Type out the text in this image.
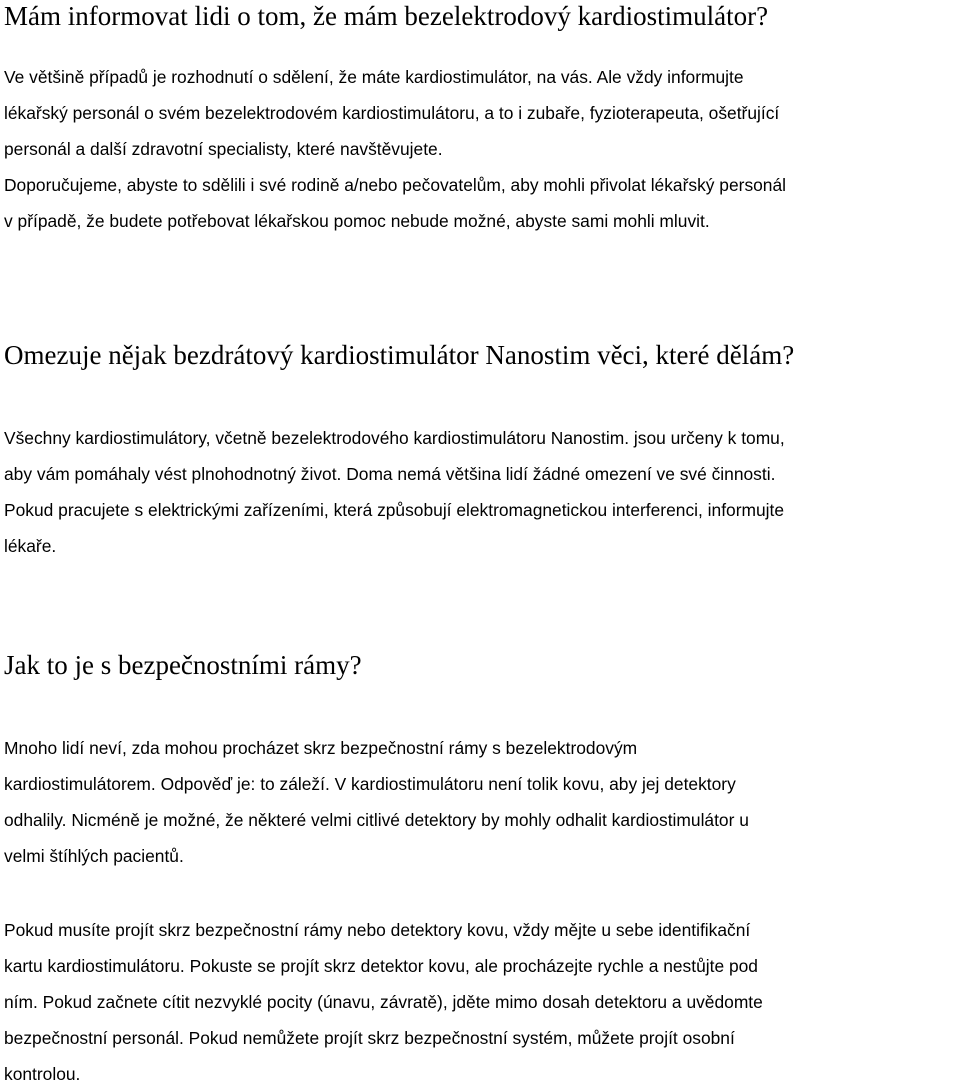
Mám informovat lidi o tom, že mám bezelektrodový kardiostimulátor?

Ve většině případů je rozhodnutí o sdělení, že máte kardiostimulátor, na vás. Ale vždy informujte
lékařský personál o svém bezelektrodovém kardiostimulátoru, a to i zubaře, fyzioterapeuta, ošetřující
personál a další zdravotní specialisty, které navštěvujete.
Doporučujeme, abyste to sdělili i své rodině a/nebo pečovatelům, aby mohli přivolat lékařský personál
v případě, že budete potřebovat lékařskou pomoc nebude možné, abyste sami mohli mluvit.

Omezuje nějak bezdrátový kardiostimulátor Nanostim věci, které dělám?

Všechny kardiostimulátory, včetně bezelektrodového kardiostimulátoru Nanostim. jsou určeny k tomu,
aby vám pomáhaly vést plnohodnotný život. Doma nemá většina lidí žádné omezení ve své činnosti.
Pokud pracujete s elektrickými zařízeními, která způsobují elektromagnetickou interferenci, informujte
lékaře.

Jak to je s bezpečnostními rámy?

Mnoho lidí neví, zda mohou procházet skrz bezpečnostní rámy s bezelektrodovým
kardiostimulátorem. Odpověď je: to záleží. V kardiostimulátoru není tolik kovu, aby jej detektory
odhalily. Nicméně je možné, že některé velmi citlivé detektory by mohly odhalit kardiostimulátor u
velmi štíhlých pacientů.

Pokud musíte projít skrz bezpečnostní rámy nebo detektory kovu, vždy mějte u sebe identifikační
kartu kardiostimulátoru. Pokuste se projít skrz detektor kovu, ale procházejte rychle a nestůjte pod
ním. Pokud začnete cítit nezvyklé pocity (únavu, závratě), jděte mimo dosah detektoru a uvědomte
bezpečnostní personál. Pokud nemůžete projít skrz bezpečnostní systém, můžete projít osobní
kontrolou.
